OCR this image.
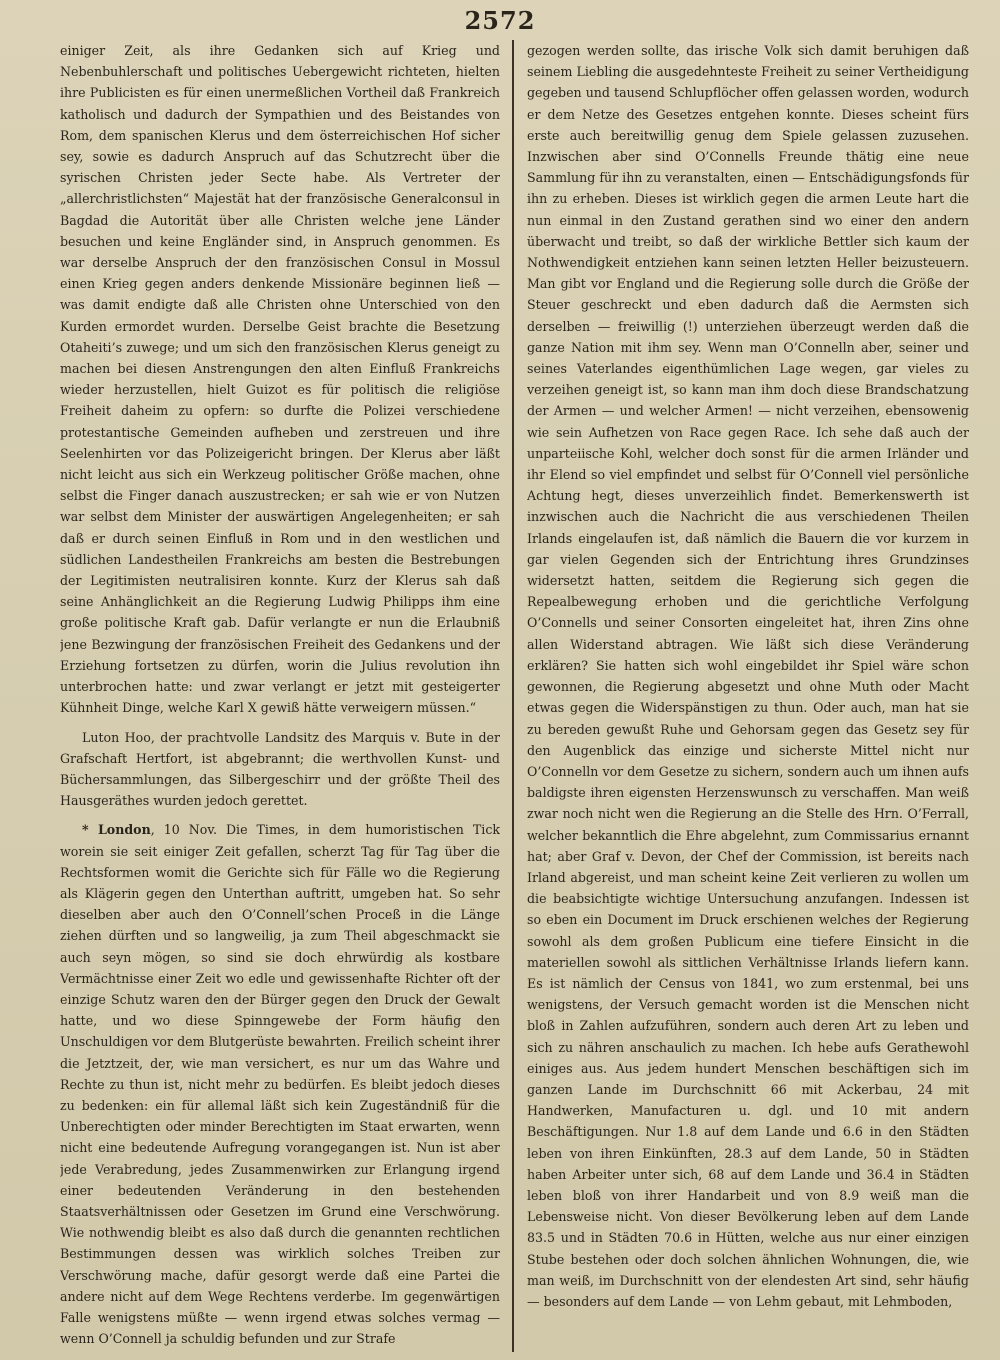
2572

einiger Zeit, als ihre Gedanken sich auf Krieg und Nebenbuhlerschaft und politisches Uebergewicht richteten, hielten ihre Publicisten es für einen unermeßlichen Vortheil daß Frankreich katholisch und dadurch der Sympathien und des Beistandes von Rom, dem spanischen Klerus und dem österreichischen Hof sicher sey, sowie es dadurch Anspruch auf das Schutzrecht über die syrischen Christen jeder Secte habe. Als Vertreter der „allerchristlichsten“ Majestät hat der französische Generalconsul in Bagdad die Autorität über alle Christen welche jene Länder besuchen und keine Engländer sind, in Anspruch genommen. Es war derselbe Anspruch der den französischen Consul in Mossul einen Krieg gegen anders denkende Missionäre beginnen ließ — was damit endigte daß alle Christen ohne Unterschied von den Kurden ermordet wurden. Derselbe Geist brachte die Besetzung Otaheiti’s zuwege; und um sich den französischen Klerus geneigt zu machen bei diesen Anstrengungen den alten Einfluß Frankreichs wieder herzustellen, hielt Guizot es für politisch die religiöse Freiheit daheim zu opfern: so durfte die Polizei verschiedene protestantische Gemeinden aufheben und zerstreuen und ihre Seelenhirten vor das Polizeigericht bringen. Der Klerus aber läßt nicht leicht aus sich ein Werkzeug politischer Größe machen, ohne selbst die Finger danach auszustrecken; er sah wie er von Nutzen war selbst dem Minister der auswärtigen Angelegenheiten; er sah daß er durch seinen Einfluß in Rom und in den westlichen und südlichen Landestheilen Frankreichs am besten die Bestrebungen der Legitimisten neutralisiren konnte. Kurz der Klerus sah daß seine Anhänglichkeit an die Regierung Ludwig Philipps ihm eine große politische Kraft gab. Dafür verlangte er nun die Erlaubniß jene Bezwingung der französischen Freiheit des Gedankens und der Erziehung fortsetzen zu dürfen, worin die Julius revolution ihn unterbrochen hatte: und zwar verlangt er jetzt mit gesteigerter Kühnheit Dinge, welche Karl X gewiß hätte verweigern müssen.“

Luton Hoo, der prachtvolle Landsitz des Marquis v. Bute in der Grafschaft Hertfort, ist abgebrannt; die werthvollen Kunst- und Büchersammlungen, das Silbergeschirr und der größte Theil des Hausgeräthes wurden jedoch gerettet.

* London, 10 Nov. Die Times, in dem humoristischen Tick worein sie seit einiger Zeit gefallen, scherzt Tag für Tag über die Rechtsformen womit die Gerichte sich für Fälle wo die Regierung als Klägerin gegen den Unterthan auftritt, umgeben hat. So sehr dieselben aber auch den O’Connell’schen Proceß in die Länge ziehen dürften und so langweilig, ja zum Theil abgeschmackt sie auch seyn mögen, so sind sie doch ehrwürdig als kostbare Vermächtnisse einer Zeit wo edle und gewissenhafte Richter oft der einzige Schutz waren den der Bürger gegen den Druck der Gewalt hatte, und wo diese Spinngewebe der Form häufig den Unschuldigen vor dem Blutgerüste bewahrten. Freilich scheint ihrer die Jetztzeit, der, wie man versichert, es nur um das Wahre und Rechte zu thun ist, nicht mehr zu bedürfen. Es bleibt jedoch dieses zu bedenken: ein für allemal läßt sich kein Zugeständniß für die Unberechtigten oder minder Berechtigten im Staat erwarten, wenn nicht eine bedeutende Aufregung vorangegangen ist. Nun ist aber jede Verabredung, jedes Zusammenwirken zur Erlangung irgend einer bedeutenden Veränderung in den bestehenden Staatsverhältnissen oder Gesetzen im Grund eine Verschwörung. Wie nothwendig bleibt es also daß durch die genannten rechtlichen Bestimmungen dessen was wirklich solches Treiben zur Verschwörung mache, dafür gesorgt werde daß eine Partei die andere nicht auf dem Wege Rechtens verderbe. Im gegenwärtigen Falle wenigstens müßte — wenn irgend etwas solches vermag — wenn O’Connell ja schuldig befunden und zur Strafe

gezogen werden sollte, das irische Volk sich damit beruhigen daß seinem Liebling die ausgedehnteste Freiheit zu seiner Vertheidigung gegeben und tausend Schlupflöcher offen gelassen worden, wodurch er dem Netze des Gesetzes entgehen konnte. Dieses scheint fürs erste auch bereitwillig genug dem Spiele gelassen zuzusehen. Inzwischen aber sind O’Connells Freunde thätig eine neue Sammlung für ihn zu veranstalten, einen — Entschädigungsfonds für ihn zu erheben. Dieses ist wirklich gegen die armen Leute hart die nun einmal in den Zustand gerathen sind wo einer den andern überwacht und treibt, so daß der wirkliche Bettler sich kaum der Nothwendigkeit entziehen kann seinen letzten Heller beizusteuern. Man gibt vor England und die Regierung solle durch die Größe der Steuer geschreckt und eben dadurch daß die Aermsten sich derselben — freiwillig (!) unterziehen überzeugt werden daß die ganze Nation mit ihm sey. Wenn man O’Connelln aber, seiner und seines Vaterlandes eigenthümlichen Lage wegen, gar vieles zu verzeihen geneigt ist, so kann man ihm doch diese Brandschatzung der Armen — und welcher Armen! — nicht verzeihen, ebensowenig wie sein Aufhetzen von Race gegen Race. Ich sehe daß auch der unparteiische Kohl, welcher doch sonst für die armen Irländer und ihr Elend so viel empfindet und selbst für O’Connell viel persönliche Achtung hegt, dieses unverzeihlich findet. Bemerkenswerth ist inzwischen auch die Nachricht die aus verschiedenen Theilen Irlands eingelaufen ist, daß nämlich die Bauern die vor kurzem in gar vielen Gegenden sich der Entrichtung ihres Grundzinses widersetzt hatten, seitdem die Regierung sich gegen die Repealbewegung erhoben und die gerichtliche Verfolgung O’Connells und seiner Consorten eingeleitet hat, ihren Zins ohne allen Widerstand abtragen. Wie läßt sich diese Veränderung erklären? Sie hatten sich wohl eingebildet ihr Spiel wäre schon gewonnen, die Regierung abgesetzt und ohne Muth oder Macht etwas gegen die Widerspänstigen zu thun. Oder auch, man hat sie zu bereden gewußt Ruhe und Gehorsam gegen das Gesetz sey für den Augenblick das einzige und sicherste Mittel nicht nur O’Connelln vor dem Gesetze zu sichern, sondern auch um ihnen aufs baldigste ihren eigensten Herzenswunsch zu verschaffen. Man weiß zwar noch nicht wen die Regierung an die Stelle des Hrn. O’Ferrall, welcher bekanntlich die Ehre abgelehnt, zum Commissarius ernannt hat; aber Graf v. Devon, der Chef der Commission, ist bereits nach Irland abgereist, und man scheint keine Zeit verlieren zu wollen um die beabsichtigte wichtige Untersuchung anzufangen. Indessen ist so eben ein Document im Druck erschienen welches der Regierung sowohl als dem großen Publicum eine tiefere Einsicht in die materiellen sowohl als sittlichen Verhältnisse Irlands liefern kann. Es ist nämlich der Census von 1841, wo zum erstenmal, bei uns wenigstens, der Versuch gemacht worden ist die Menschen nicht bloß in Zahlen aufzuführen, sondern auch deren Art zu leben und sich zu nähren anschaulich zu machen. Ich hebe aufs Gerathewohl einiges aus. Aus jedem hundert Menschen beschäftigen sich im ganzen Lande im Durchschnitt 66 mit Ackerbau, 24 mit Handwerken, Manufacturen u. dgl. und 10 mit andern Beschäftigungen. Nur 1.8 auf dem Lande und 6.6 in den Städten leben von ihren Einkünften, 28.3 auf dem Lande, 50 in Städten haben Arbeiter unter sich, 68 auf dem Lande und 36.4 in Städten leben bloß von ihrer Handarbeit und von 8.9 weiß man die Lebensweise nicht. Von dieser Bevölkerung leben auf dem Lande 83.5 und in Städten 70.6 in Hütten, welche aus nur einer einzigen Stube bestehen oder doch solchen ähnlichen Wohnungen, die, wie man weiß, im Durchschnitt von der elendesten Art sind, sehr häufig — besonders auf dem Lande — von Lehm gebaut, mit Lehmboden,
